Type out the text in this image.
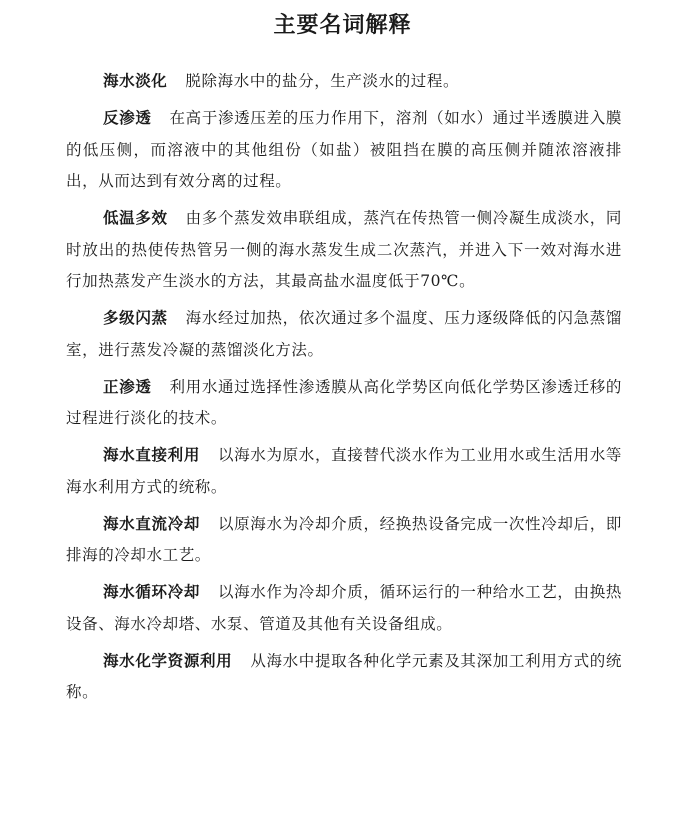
主要名词解释

海水淡化 脱除海水中的盐分，生产淡水的过程。

反渗透 在高于渗透压差的压力作用下，溶剂（如水）通过半透膜进入膜的低压侧，而溶液中的其他组份（如盐）被阻挡在膜的高压侧并随浓溶液排出，从而达到有效分离的过程。

低温多效 由多个蒸发效串联组成，蒸汽在传热管一侧冷凝生成淡水，同时放出的热使传热管另一侧的海水蒸发生成二次蒸汽，并进入下一效对海水进行加热蒸发产生淡水的方法，其最高盐水温度低于70℃。

多级闪蒸 海水经过加热，依次通过多个温度、压力逐级降低的闪急蒸馏室，进行蒸发冷凝的蒸馏淡化方法。

正渗透 利用水通过选择性渗透膜从高化学势区向低化学势区渗透迁移的过程进行淡化的技术。

海水直接利用 以海水为原水，直接替代淡水作为工业用水或生活用水等海水利用方式的统称。

海水直流冷却 以原海水为冷却介质，经换热设备完成一次性冷却后，即排海的冷却水工艺。

海水循环冷却 以海水作为冷却介质，循环运行的一种给水工艺，由换热设备、海水冷却塔、水泵、管道及其他有关设备组成。

海水化学资源利用 从海水中提取各种化学元素及其深加工利用方式的统称。
